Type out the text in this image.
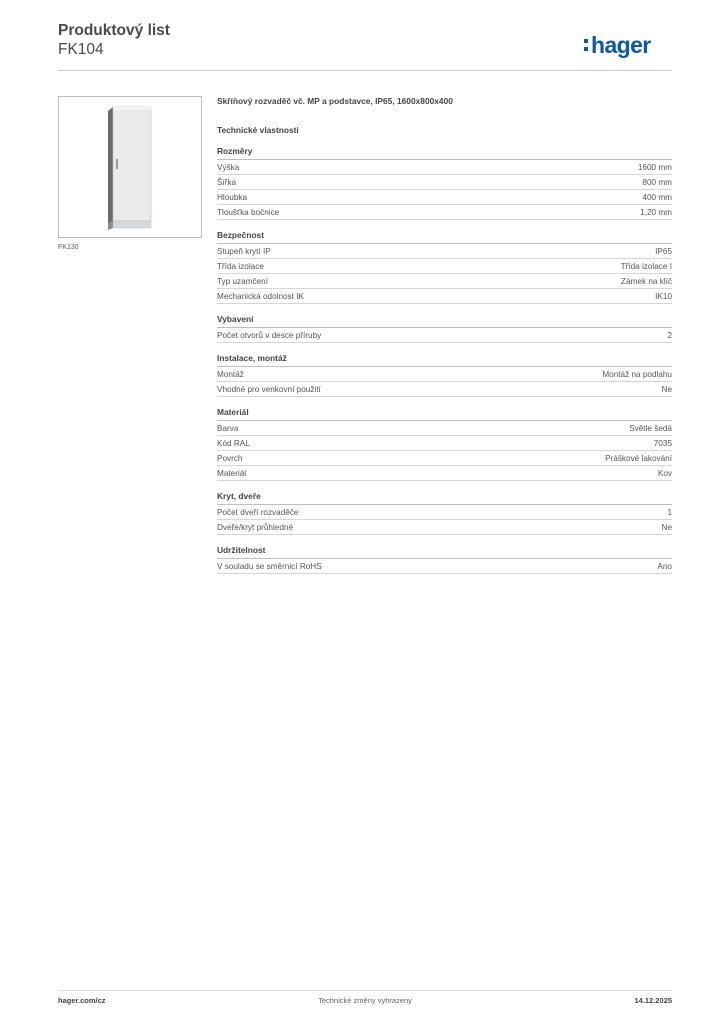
Produktový list
FK104	hager
FK130
Skříňový rozvaděč vč. MP a podstavce, IP65, 1600x800x400
Technické vlastnosti
Rozměry
Výška	1600 mm
Šířka	800 mm
Hloubka	400 mm
Tloušťka bočnice	1,20 mm
Bezpečnost
Stupeň krytí IP	IP65
Třída izolace	Třída izolace I
Typ uzamčení	Zámek na klíč
Mechanická odolnost IK	IK10
Vybavení
Počet otvorů v desce příruby	2
Instalace, montáž
Montáž	Montáž na podlahu
Vhodné pro venkovní použití	Ne
Materiál
Barva	Světle šedá
Kód RAL	7035
Povrch	Práškové lakování
Materiál	Kov
Kryt, dveře
Počet dveří rozvaděče	1
Dveře/kryt průhledné	Ne
Udržitelnost
V souladu se směrnicí RoHS	Ano
hager.com/cz	Technické změny vyhrazeny	14.12.2025
